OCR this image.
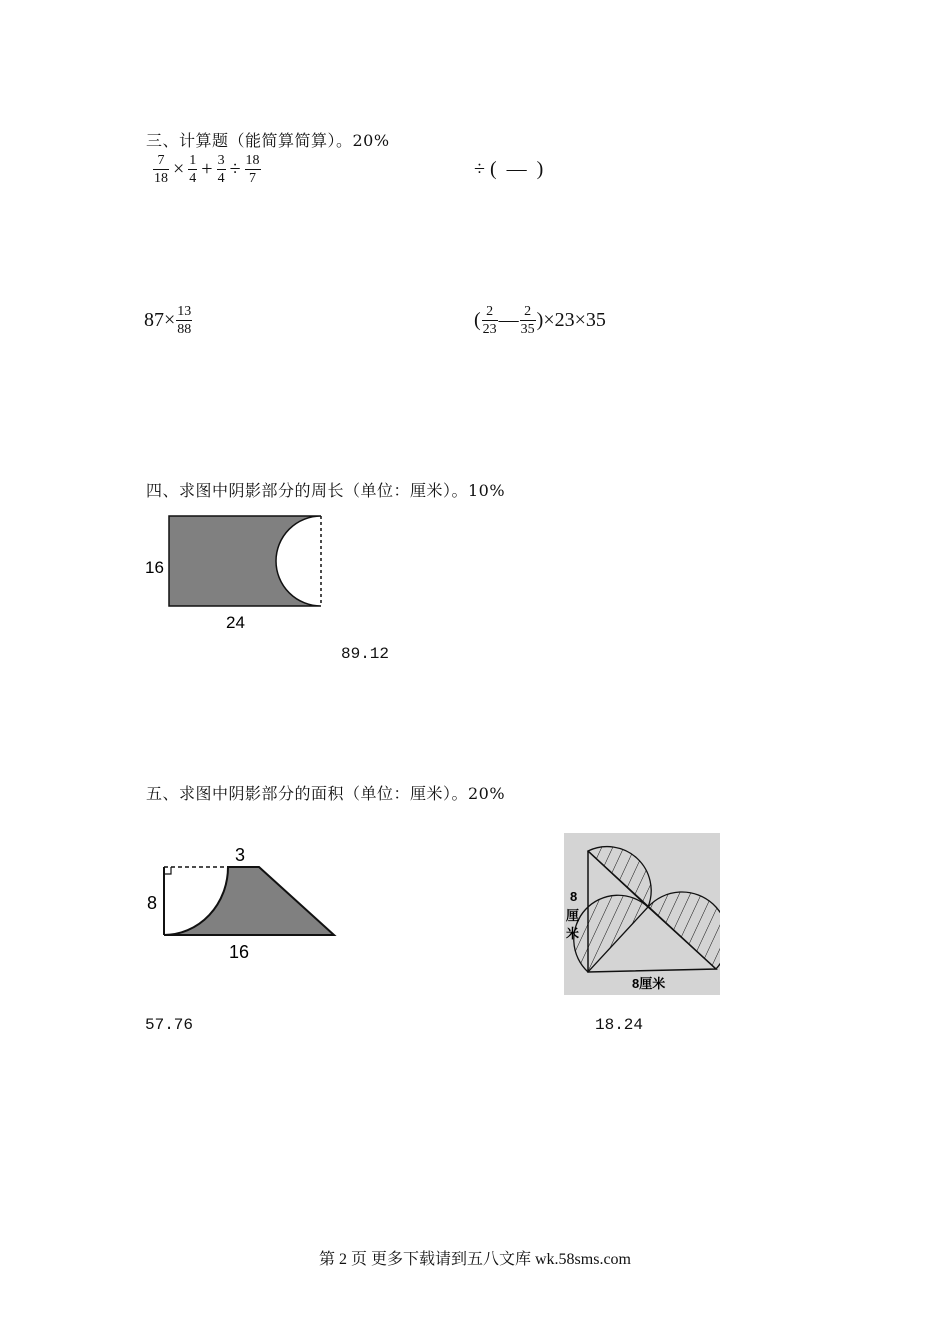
三、计算题（能简算简算）。20%
$\frac{7}{18} \times \frac{1}{4} + \frac{3}{4} \div \frac{18}{7}$	÷ (  —  )
$87\times \frac{13}{88}$	( $\frac{2}{23}$ — $\frac{2}{35} )\times 23\times 35$
四、求图中阴影部分的周长（单位：厘米）。10%
16
24
89.12
五、求图中阴影部分的面积（单位：厘米）。20%
3
8
16
8
厘
米
8厘米
57.76	18.24
第 2 页 更多下载请到五八文库 wk.58sms.com
